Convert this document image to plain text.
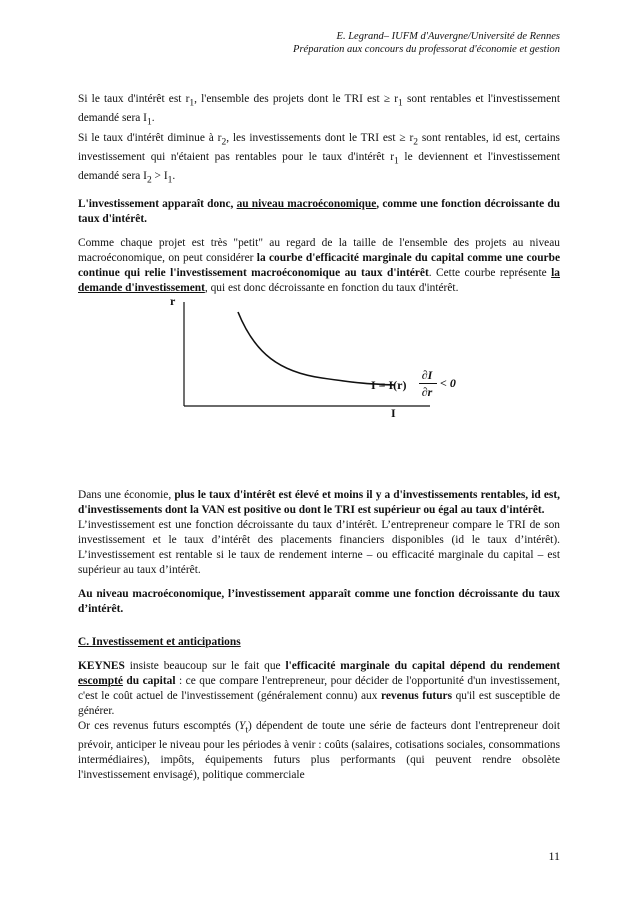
E. Legrand– IUFM d'Auvergne/Université de Rennes
Préparation aux concours du professorat d'économie et gestion

Si le taux d'intérêt est $r_1$, l'ensemble des projets dont le TRI est ≥ $r_1$ sont rentables et l'investissement demandé sera $I_1$.

Si le taux d'intérêt diminue à $r_2$, les investissements dont le TRI est ≥ $r_2$ sont rentables, id est, certains investissement qui n'étaient pas rentables pour le taux d'intérêt $r_1$ le deviennent et l'investissement demandé sera $I_2 > I_1$.

L'investissement apparaît donc, au niveau macroéconomique, comme une fonction décroissante du taux d'intérêt.

Comme chaque projet est très "petit" au regard de la taille de l'ensemble des projets au niveau macroéconomique, on peut considérer la courbe d'efficacité marginale du capital comme une courbe continue qui relie l'investissement macroéconomique au taux d'intérêt. Cette courbe représente la demande d'investissement, qui est donc décroissante en fonction du taux d'intérêt.

r
I
I = I(r)
∂I
∂r
< 0

Dans une économie, plus le taux d'intérêt est élevé et moins il y a d'investissements rentables, id est, d'investissements dont la VAN est positive ou dont le TRI est supérieur ou égal au taux d'intérêt.

L’investissement est une fonction décroissante du taux d’intérêt. L’entrepreneur compare le TRI de son investissement et le taux d’intérêt des placements financiers disponibles (id le taux d’intérêt). L’investissement est rentable si le taux de rendement interne – ou efficacité marginale du capital – est supérieur au taux d’intérêt.

Au niveau macroéconomique, l’investissement apparaît comme une fonction décroissante du taux d’intérêt.

C. Investissement et anticipations

KEYNES insiste beaucoup sur le fait que l'efficacité marginale du capital dépend du rendement escompté du capital : ce que compare l'entrepreneur, pour décider de l'opportunité d'un investissement, c'est le coût actuel de l'investissement (généralement connu) aux revenus futurs qu'il est susceptible de générer.

Or ces revenus futurs escomptés $(Y_t)$ dépendent de toute une série de facteurs dont l'entrepreneur doit prévoir, anticiper le niveau pour les périodes à venir : coûts (salaires, cotisations sociales, consommations intermédiaires), impôts, équipements futurs plus performants (qui peuvent rendre obsolète l'investissement envisagé), politique commerciale

11
